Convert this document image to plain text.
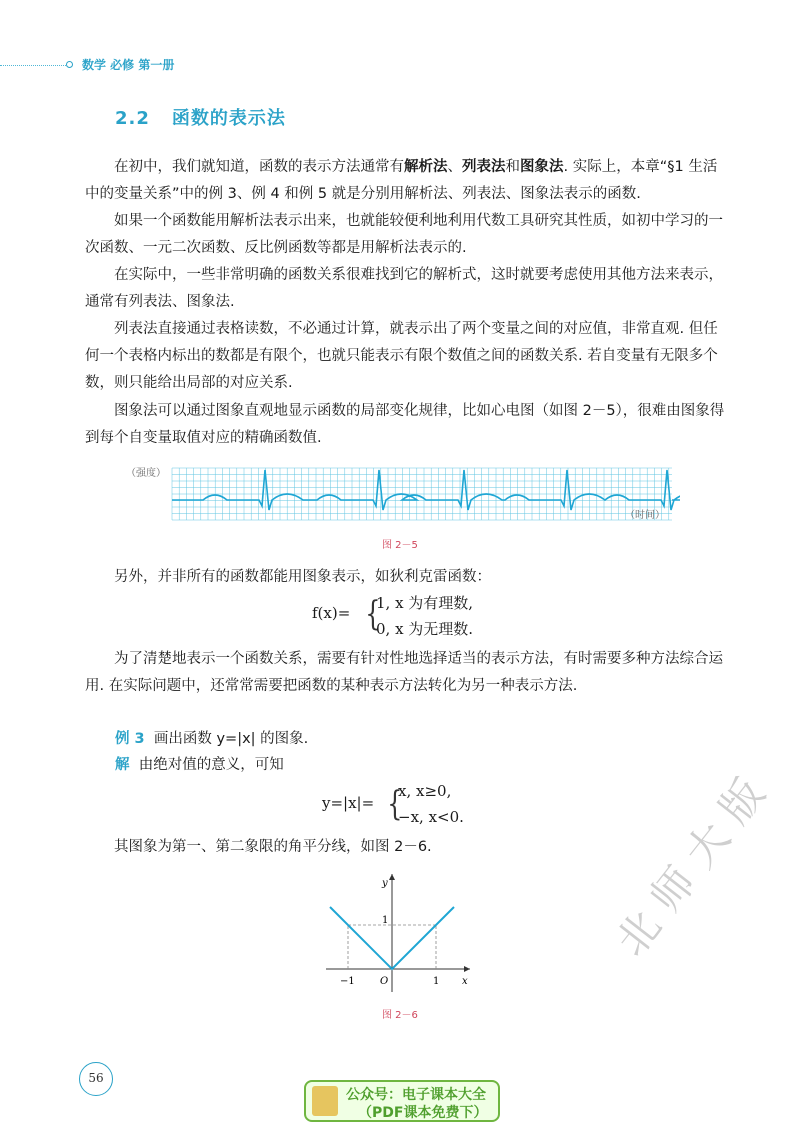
数学 必修 第一册
2.2 函数的表示法
在初中，我们就知道，函数的表示方法通常有解析法、列表法和图象法. 实际上，本章“§1 生活中的变量关系”中的例 3、例 4 和例 5 就是分别用解析法、列表法、图象法表示的函数.
如果一个函数能用解析法表示出来，也就能较便利地利用代数工具研究其性质，如初中学习的一次函数、一元二次函数、反比例函数等都是用解析法表示的.
在实际中，一些非常明确的函数关系很难找到它的解析式，这时就要考虑使用其他方法来表示，通常有列表法、图象法.
列表法直接通过表格读数，不必通过计算，就表示出了两个变量之间的对应值，非常直观. 但任何一个表格内标出的数都是有限个，也就只能表示有限个数值之间的函数关系. 若自变量有无限多个数，则只能给出局部的对应关系.
图象法可以通过图象直观地显示函数的局部变化规律，比如心电图（如图 2－5），很难由图象得到每个自变量取值对应的精确函数值.
（强度）
（时间）
图 2－5
另外，并非所有的函数都能用图象表示，如狄利克雷函数：
f(x)= {
1, x 为有理数,
0, x 为无理数.
为了清楚地表示一个函数关系，需要有针对性地选择适当的表示方法，有时需要多种方法综合运用. 在实际问题中，还常常需要把函数的某种表示方法转化为另一种表示方法.
例 3 画出函数 y=|x| 的图象.
解 由绝对值的意义，可知
y=|x|= {
x, x≥0,
−x, x<0.
其图象为第一、第二象限的角平分线，如图 2－6.
y
x
O
−1	1
1
图 2－6
56
公众号：电子课本大全
（PDF课本免费下）
北师大版
